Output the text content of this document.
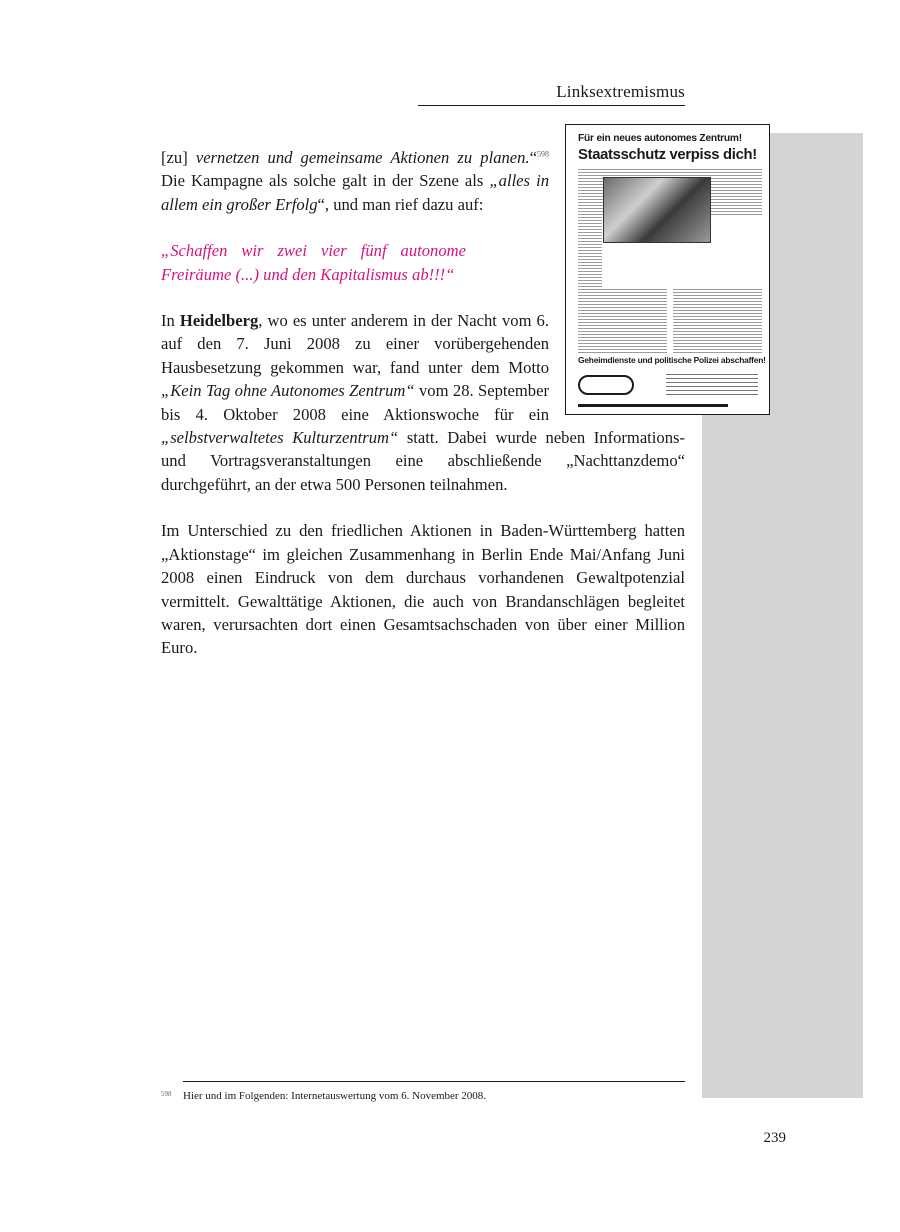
Linksextremismus
Für ein neues autonomes Zentrum!
Staatsschutz verpiss dich!
Geheimdienste und politische Polizei abschaffen!

[zu] vernetzen und gemeinsame Aktionen zu planen.“$^{598}$ Die Kampagne als solche galt in der Szene als „alles in allem ein großer Erfolg“, und man rief dazu auf:

„Schaffen wir zwei vier fünf autonome Freiräume (...) und den Kapitalismus ab!!!“

In Heidelberg, wo es unter anderem in der Nacht vom 6. auf den 7. Juni 2008 zu einer vorübergehenden Hausbesetzung gekommen war, fand unter dem Motto „Kein Tag ohne Autonomes Zentrum“ vom 28. September bis 4. Oktober 2008 eine Aktionswoche für ein „selbstverwaltetes Kulturzentrum“ statt. Dabei wurde neben Informations- und Vortragsveranstaltungen eine abschließende „Nachttanzdemo“ durchgeführt, an der etwa 500 Personen teilnahmen.

Im Unterschied zu den friedlichen Aktionen in Baden-Württemberg hatten „Aktionstage“ im gleichen Zusammenhang in Berlin Ende Mai/Anfang Juni 2008 einen Eindruck von dem durchaus vorhandenen Gewaltpotenzial vermittelt. Gewalttätige Aktionen, die auch von Brandanschlägen begleitet waren, verursachten dort einen Gesamtsachschaden von über einer Million Euro.

598 Hier und im Folgenden: Internetauswertung vom 6. November 2008.
239
